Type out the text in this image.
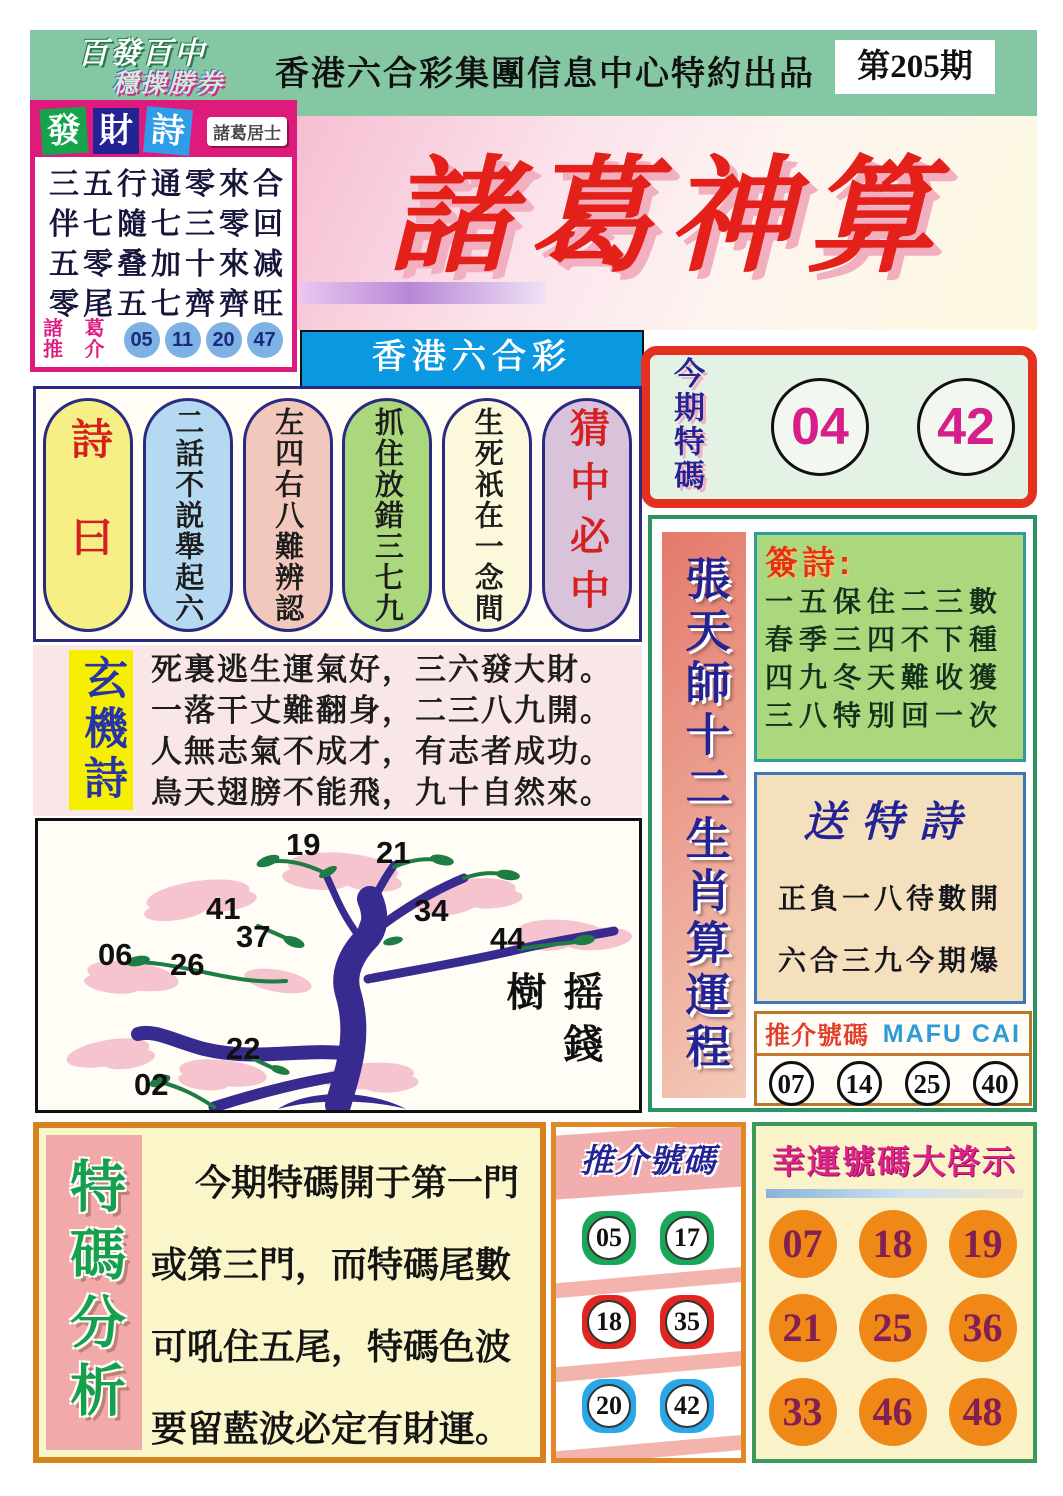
百發百中
穩操勝券	香港六合彩集團信息中心特約出品	第205期
諸葛神算
香港六合彩
發 財 詩	諸葛居士
三五行通零來合
伴七隨七三零回
五零叠加十來减
零尾五七齊齊旺
諸 葛
推 介 05 11 20 47
今期特碼	04	42
詩曰 二話不説舉起六 左四右八難辨認 抓住放錯三七九 生死祇在一念間 猜中必中
玄機詩 死裏逃生運氣好，三六發大財。
一落干丈難翻身，二三八九開。
人無志氣不成才，有志者成功。
鳥天翅膀不能飛，九十自然來。
19 21
41
37
34
44
06 26
22
02
摇錢樹	張天師十二生肖算運程 簽詩:
一五保住二三數
春季三四不下種
四九冬天難收獲
三八特別回一次
送特詩
正負一八待數開
六合三九今期爆
推介號碼 MAFU CAI
07	14	25	40
特碼分析	今期特碼開于第一門
或第三門，而特碼尾數
可吼住五尾，特碼色波
要留藍波必定有財運。
推介號碼
05	17
18	35
20	42
幸運號碼大啓示
07	18	19
21	25	36
33	46	48
